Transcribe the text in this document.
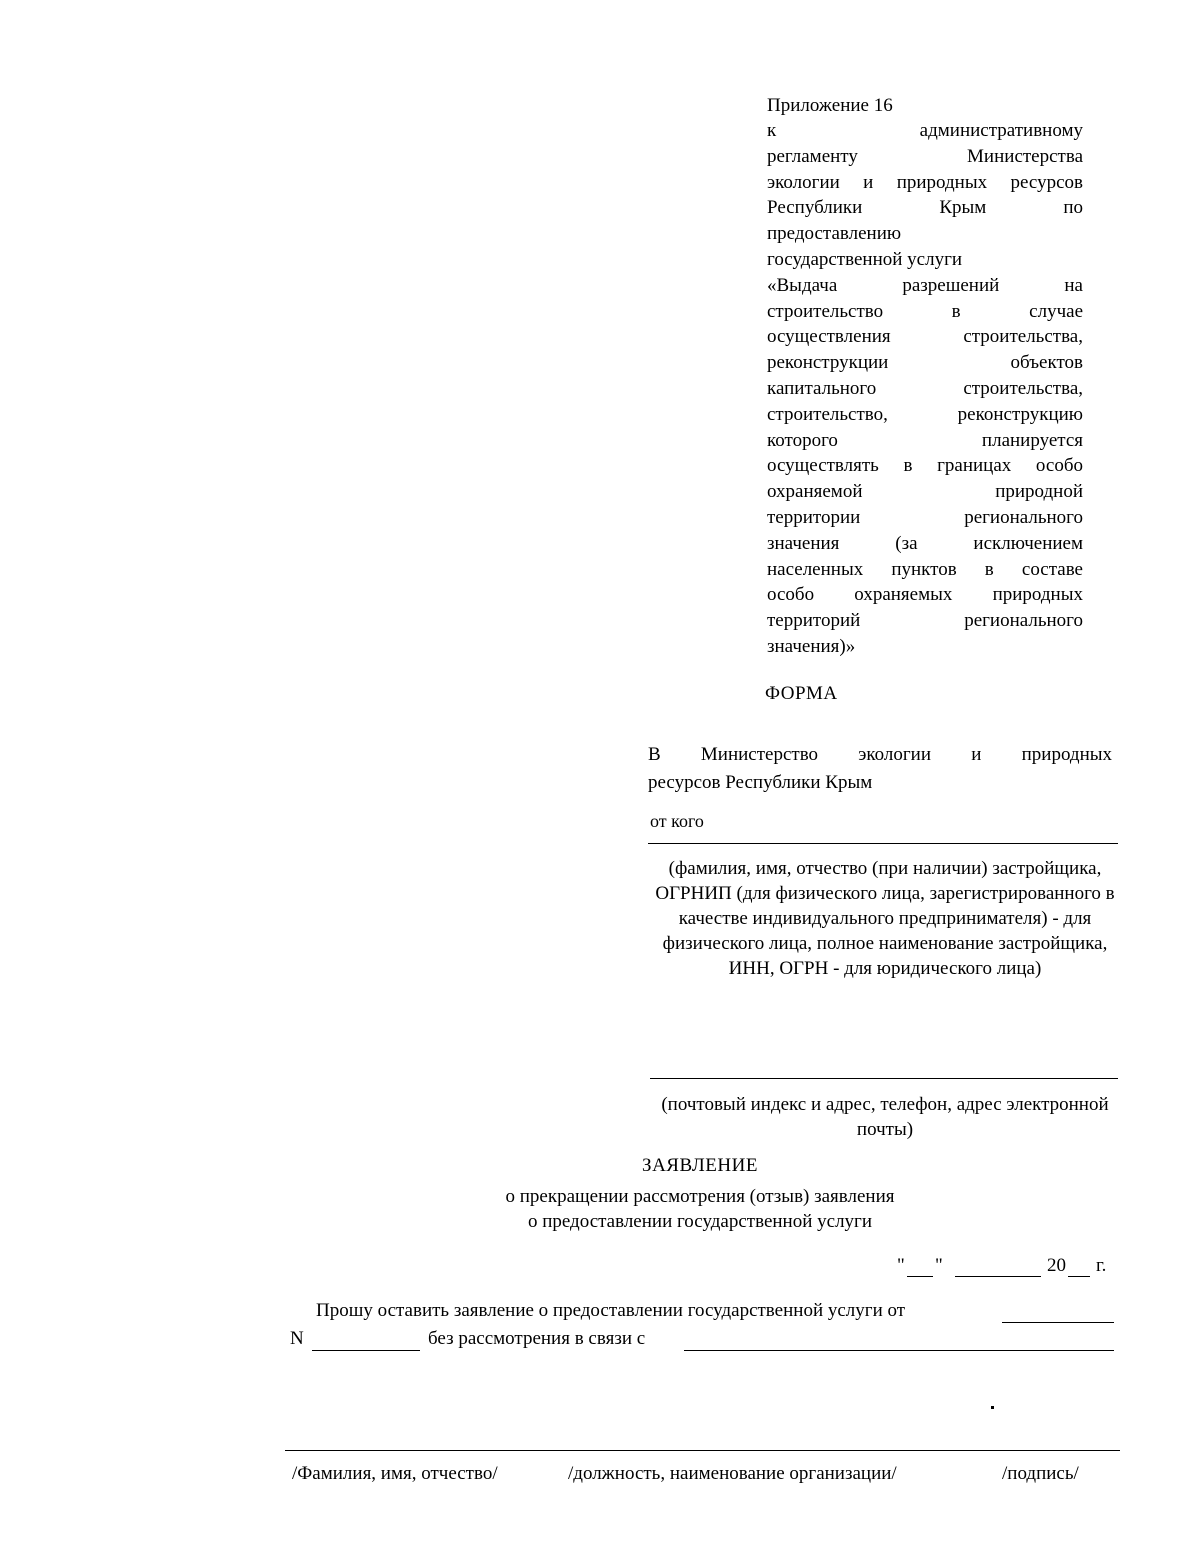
Приложение 16
к административному
регламенту Министерства
экологии и природных ресурсов
Республики Крым по
предоставлению
государственной услуги
«Выдача разрешений на
строительство в случае
осуществления строительства,
реконструкции объектов
капитального строительства,
строительство, реконструкцию
которого планируется
осуществлять в границах особо
охраняемой природной
территории регионального
значения (за исключением
населенных пунктов в составе
особо охраняемых природных
территорий регионального
значения)»
ФОРМА
В Министерство экологии и природных
ресурсов Республики Крым
от кого
(фамилия, имя, отчество (при наличии) застройщика, ОГРНИП (для физического лица, зарегистрированного в качестве индивидуального предпринимателя) - для физического лица, полное наименование застройщика, ИНН, ОГРН - для юридического лица)
(почтовый индекс и адрес, телефон, адрес электронной почты)
ЗАЯВЛЕНИЕ
о прекращении рассмотрения (отзыв) заявления
о предоставлении государственной услуги
" "	20 г.
Прошу оставить заявление о предоставлении государственной услуги от
N	без рассмотрения в связи с
/Фамилия, имя, отчество/	/должность, наименование организации/	/подпись/
